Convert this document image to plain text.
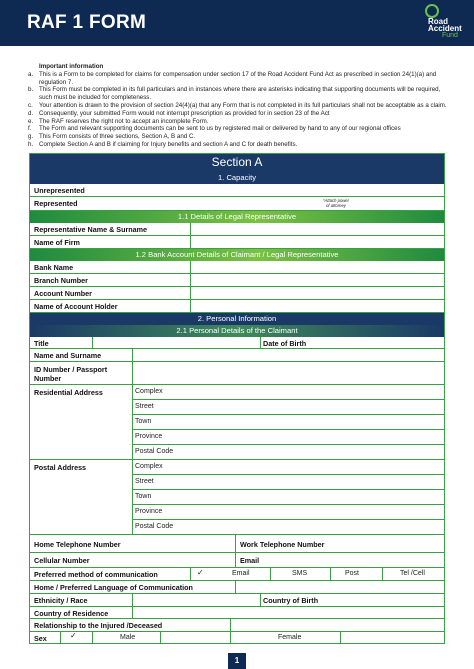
RAF 1 FORM	Road
Accident
Fund
Important information
a. This is a Form to be completed for claims for compensation under section 17 of the Road Accident Fund Act as prescribed in section 24(1)(a) and regulation 7.
b. This Form must be completed in its full particulars and in instances where there are asterisks indicating that supporting documents will be required, such must be included for completeness.
c. Your attention is drawn to the provision of section 24(4)(a) that any Form that is not completed in its full particulars shall not be acceptable as a claim.
d. Consequently, your submitted Form would not interrupt prescription as provided for in section 23 of the Act
e. The RAF reserves the right not to accept an incomplete Form.
f. The Form and relevant supporting documents can be sent to us by registered mail or delivered by hand to any of our regional offices
g. This Form consists of three sections, Section A, B and C.
h. Complete Section A and B if claiming for Injury benefits and section A and C for death benefits.
Section A
1. Capacity
Unrepresented
Represented	*Attach power
of attorney
1.1 Details of Legal Representative
Representative Name & Surname
Name of Firm
1.2 Bank Account Details of Claimant / Legal Representative
Bank Name
Branch Number
Account Number
Name of Account Holder
2. Personal Information
2.1 Personal Details of the Claimant
Title	Date of Birth
Name and Surname
ID Number / Passport
Number
Residential Address	Complex
Street
Town
Province
Postal Code
Postal Address	Complex
Street
Town
Province
Postal Code
Home Telephone Number	Work Telephone Number
Cellular Number	Email
Preferred method of communication	✓	Email	SMS	Post	Tel /Cell
Home / Preferred Language of Communication
Ethnicity / Race	Country of Birth
Country of Residence
Relationship to the Injured /Deceased
Sex	✓	Male	Female
1
